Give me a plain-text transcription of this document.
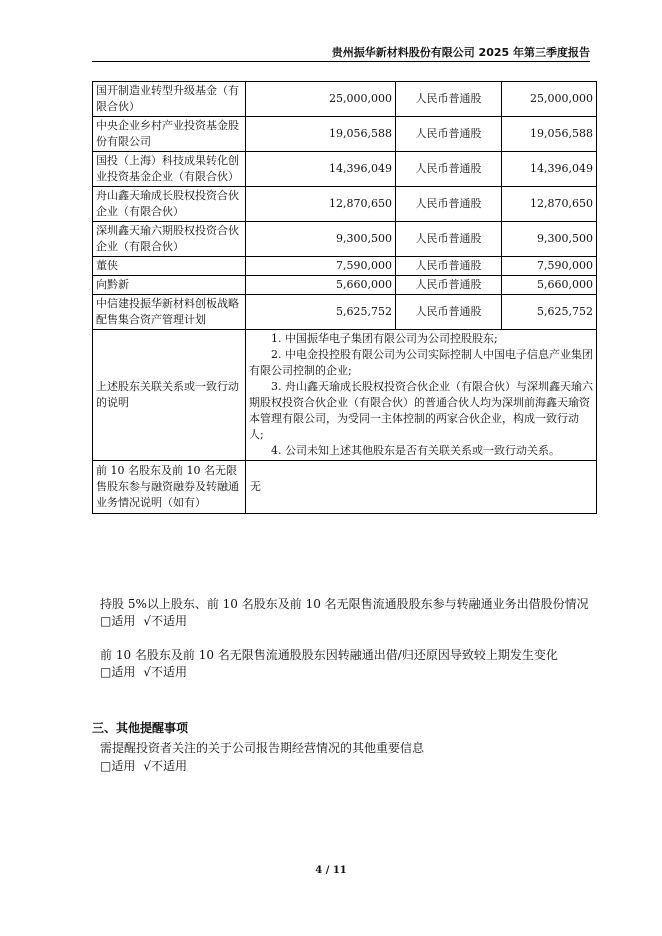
贵州振华新材料股份有限公司 2025 年第三季度报告
国开制造业转型升级基金（有限合伙）	25,000,000	人民币普通股	25,000,000
中央企业乡村产业投资基金股份有限公司	19,056,588	人民币普通股	19,056,588
国投（上海）科技成果转化创业投资基金企业（有限合伙）	14,396,049	人民币普通股	14,396,049
舟山鑫天瑜成长股权投资合伙企业（有限合伙）	12,870,650	人民币普通股	12,870,650
深圳鑫天瑜六期股权投资合伙企业（有限合伙）	9,300,500	人民币普通股	9,300,500
董侠	7,590,000	人民币普通股	7,590,000
向黔新	5,660,000	人民币普通股	5,660,000
中信建投振华新材料创板战略配售集合资产管理计划	5,625,752	人民币普通股	5,625,752
上述股东关联关系或一致行动的说明	1. 中国振华电子集团有限公司为公司控股股东;

2. 中电金投控股有限公司为公司实际控制人中国电子信息产业集团有限公司控制的企业;

3. 舟山鑫天瑜成长股权投资合伙企业（有限合伙）与深圳鑫天瑜六期股权投资合伙企业（有限合伙）的普通合伙人均为深圳前海鑫天瑜资本管理有限公司，为受同一主体控制的两家合伙企业，构成一致行动人;

4. 公司未知上述其他股东是否有关联关系或一致行动关系。		

前 10 名股东及前 10 名无限售股东参与融资融券及转融通业务情况说明（如有）	无		
持股 5%以上股东、前 10 名股东及前 10 名无限售流通股股东参与转融通业务出借股份情况
□适用 √不适用
前 10 名股东及前 10 名无限售流通股股东因转融通出借/归还原因导致较上期发生变化
□适用 √不适用
三、其他提醒事项
需提醒投资者关注的关于公司报告期经营情况的其他重要信息
□适用 √不适用
4 / 11
